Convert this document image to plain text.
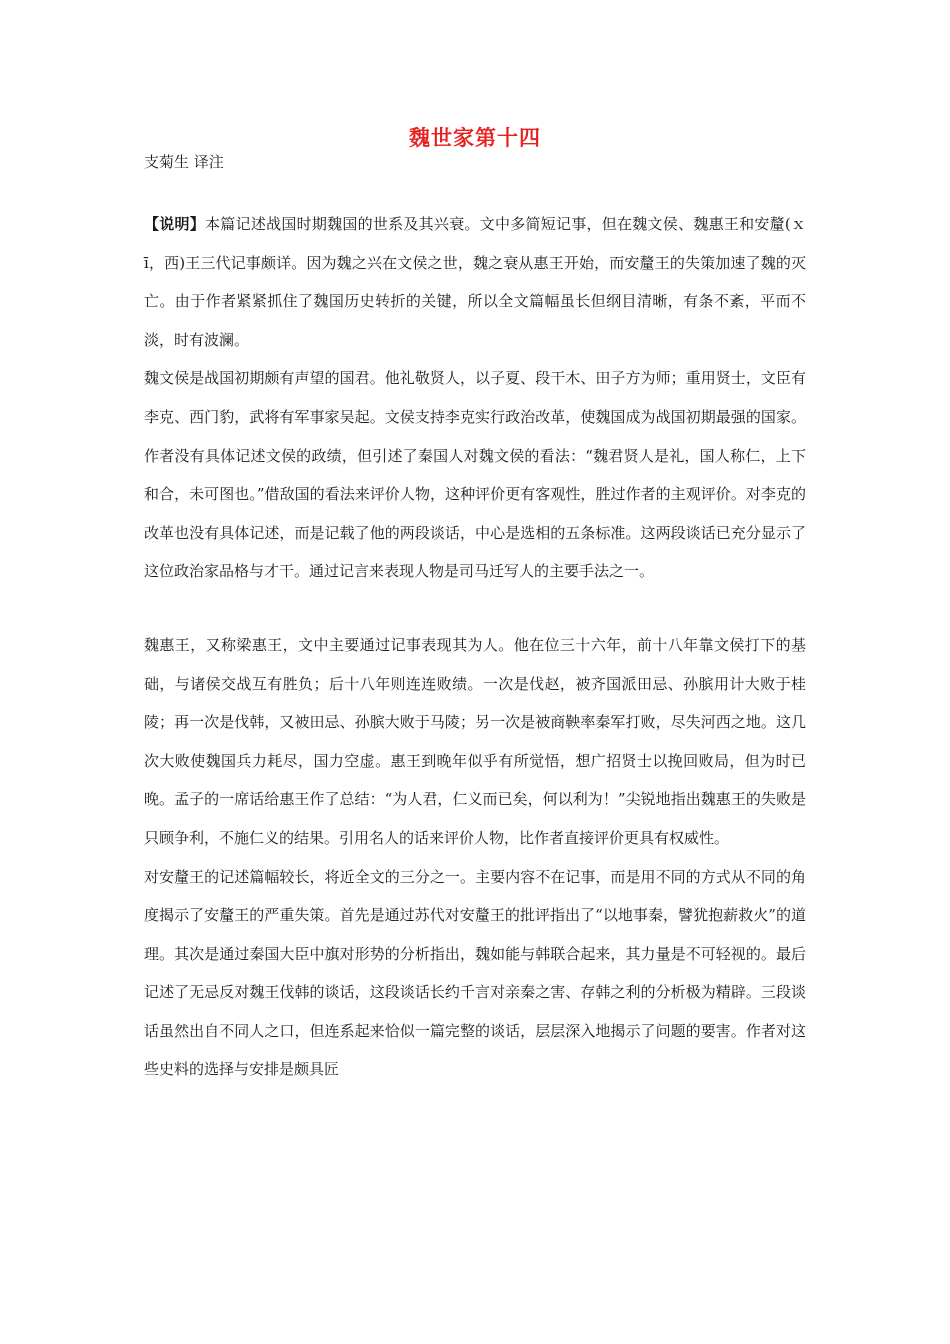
魏世家第十四
支菊生 译注

【说明】本篇记述战国时期魏国的世系及其兴衰。文中多简短记事，但在魏文侯、魏惠王和安釐(ｘī，西)王三代记事颇详。因为魏之兴在文侯之世，魏之衰从惠王开始，而安釐王的失策加速了魏的灭亡。由于作者紧紧抓住了魏国历史转折的关键，所以全文篇幅虽长但纲目清晰，有条不紊，平而不淡，时有波澜。

魏文侯是战国初期颇有声望的国君。他礼敬贤人，以子夏、段干木、田子方为师；重用贤士，文臣有李克、西门豹，武将有军事家吴起。文侯支持李克实行政治改革，使魏国成为战国初期最强的国家。作者没有具体记述文侯的政绩，但引述了秦国人对魏文侯的看法：“魏君贤人是礼，国人称仁，上下和合，未可图也。”借敌国的看法来评价人物，这种评价更有客观性，胜过作者的主观评价。对李克的改革也没有具体记述，而是记载了他的两段谈话，中心是选相的五条标准。这两段谈话已充分显示了这位政治家品格与才干。通过记言来表现人物是司马迁写人的主要手法之一。

魏惠王，又称梁惠王，文中主要通过记事表现其为人。他在位三十六年，前十八年靠文侯打下的基础，与诸侯交战互有胜负；后十八年则连连败绩。一次是伐赵，被齐国派田忌、孙膑用计大败于桂陵；再一次是伐韩，又被田忌、孙膑大败于马陵；另一次是被商鞅率秦军打败，尽失河西之地。这几次大败使魏国兵力耗尽，国力空虚。惠王到晚年似乎有所觉悟，想广招贤士以挽回败局，但为时已晚。孟子的一席话给惠王作了总结：“为人君，仁义而已矣，何以利为！”尖锐地指出魏惠王的失败是只顾争利，不施仁义的结果。引用名人的话来评价人物，比作者直接评价更具有权威性。

对安釐王的记述篇幅较长，将近全文的三分之一。主要内容不在记事，而是用不同的方式从不同的角度揭示了安釐王的严重失策。首先是通过苏代对安釐王的批评指出了“以地事秦，譬犹抱薪救火”的道理。其次是通过秦国大臣中旗对形势的分析指出，魏如能与韩联合起来，其力量是不可轻视的。最后记述了无忌反对魏王伐韩的谈话，这段谈话长约千言对亲秦之害、存韩之利的分析极为精辟。三段谈话虽然出自不同人之口，但连系起来恰似一篇完整的谈话，层层深入地揭示了问题的要害。作者对这些史料的选择与安排是颇具匠
